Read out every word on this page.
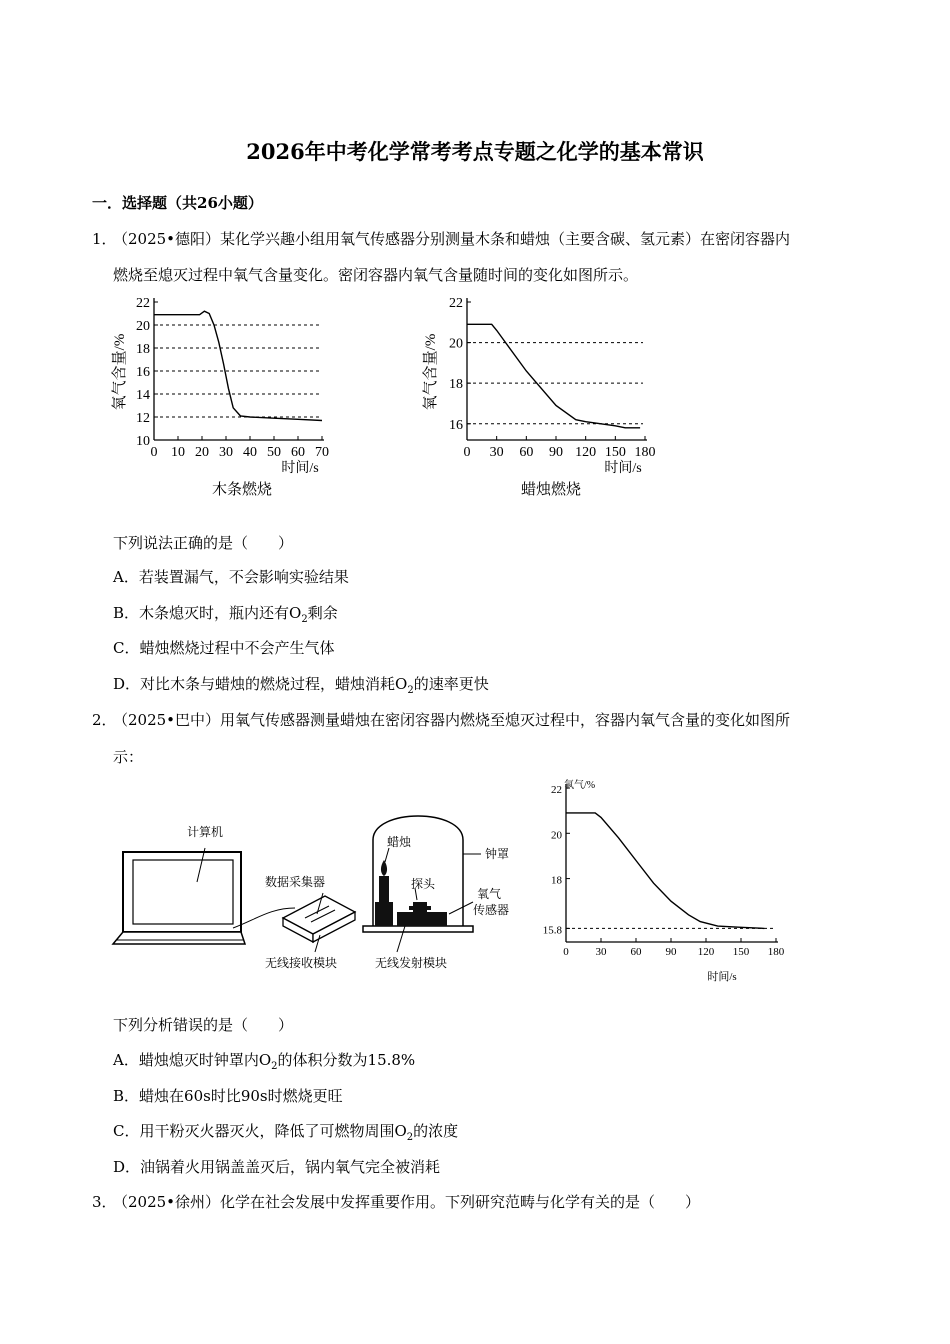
2026年中考化学常考考点专题之化学的基本常识
一．选择题（共26小题）
1．
（2025•德阳）某化学兴趣小组用氧气传感器分别测量木条和蜡烛（主要含碳、氢元素）在密闭容器内
燃烧至熄灭过程中氧气含量变化。密闭容器内氧气含量随时间的变化如图所示。
10
12
14
16
18
20
22
0 10 20 30 40 50 60 70
时间/s
氧气含量/%
木条燃烧
16
18
20
22
0 30 60 90 120 150 180
时间/s
氧气含量/%
蜡烛燃烧
下列说法正确的是（　　）
A．若装置漏气，不会影响实验结果
B．木条熄灭时，瓶内还有$O_2$剩余
C．蜡烛燃烧过程中不会产生气体
D．对比木条与蜡烛的燃烧过程，蜡烛消耗$O_2$的速率更快
2．
（2025•巴中）用氧气传感器测量蜡烛在密闭容器内燃烧至熄灭过程中，容器内氧气含量的变化如图所
示：
计算机
数据采集器
无线接收模块
钟罩
蜡烛
探头
氧气
传感器
无线发射模块
15.8
18
20
22
0 30 60 90 120 150 180
时间/s
氧气/%
下列分析错误的是（　　）
A．蜡烛熄灭时钟罩内$O_2$的体积分数为15.8%
B．蜡烛在60s时比90s时燃烧更旺
C．用干粉灭火器灭火，降低了可燃物周围$O_2$的浓度
D．油锅着火用锅盖盖灭后，锅内氧气完全被消耗
3．
（2025•徐州）化学在社会发展中发挥重要作用。下列研究范畴与化学有关的是（　　）
